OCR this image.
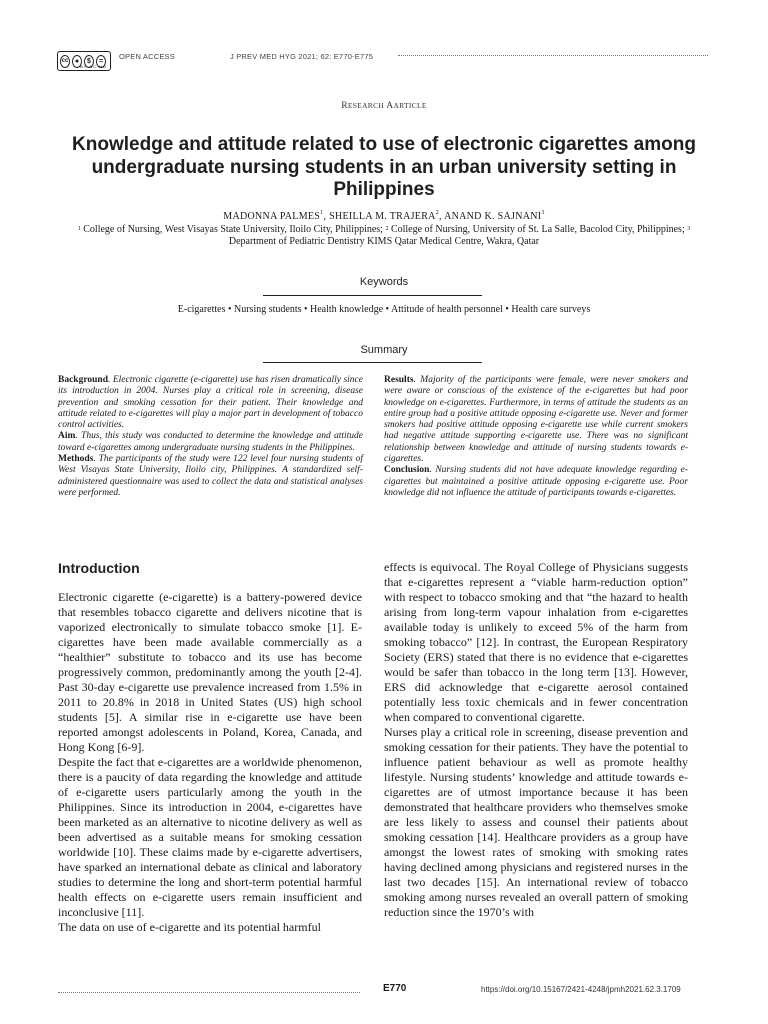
cc ●	$	=
BY NC ND
OPEN ACCESS	J PREV MED HYG 2021; 62: E770-E775
RESEARCH AARTICLE
Knowledge and attitude related to use of electronic cigarettes among undergraduate nursing students in an urban university setting in Philippines
MADONNA PALMES$^1$, SHEILLA M. TRAJERA$^2$, ANAND K. SAJNANI$^3$
$^1$ College of Nursing, West Visayas State University, Iloilo City, Philippines; $^2$ College of Nursing, University of St. La Salle, Bacolod City, Philippines; $^3$ Department of Pediatric Dentistry KIMS Qatar Medical Centre, Wakra, Qatar
Keywords
E-cigarettes • Nursing students • Health knowledge • Attitude of health personnel • Health care surveys
Summary
Background. Electronic cigarette (e-cigarette) use has risen dramatically since its introduction in 2004. Nurses play a critical role in screening, disease prevention and smoking cessation for their patient. Their knowledge and attitude related to e-cigarettes will play a major part in development of tobacco control activities.
Aim. Thus, this study was conducted to determine the knowledge and attitude toward e-cigarettes among undergraduate nursing students in the Philippines.
Methods. The participants of the study were 122 level four nursing students of West Visayas State University, Iloilo city, Philippines. A standardized self-administered questionnaire was used to collect the data and statistical analyses were performed.
Results. Majority of the participants were female, were never smokers and were aware or conscious of the existence of the e-cigarettes but had poor knowledge on e-cigarettes. Furthermore, in terms of attitude the students as an entire group had a positive attitude opposing e-cigarette use. Never and former smokers had positive attitude opposing e-cigarette use while current smokers had negative attitude supporting e-cigarette use. There was no significant relationship between knowledge and attitude of nursing students towards e-cigarettes.
Conclusion. Nursing students did not have adequate knowledge regarding e-cigarettes but maintained a positive attitude opposing e-cigarette use. Poor knowledge did not influence the attitude of participants towards e-cigarettes.
Introduction
Electronic cigarette (e-cigarette) is a battery-powered device that resembles tobacco cigarette and delivers nicotine that is vaporized electronically to simulate tobacco smoke [1]. E-cigarettes have been made available commercially as a “healthier” substitute to tobacco and its use has become progressively common, predominantly among the youth [2-4]. Past 30-day e-cigarette use prevalence increased from 1.5% in 2011 to 20.8% in 2018 in United States (US) high school students [5]. A similar rise in e-cigarette use have been reported amongst adolescents in Poland, Korea, Canada, and Hong Kong [6-9].
Despite the fact that e-cigarettes are a worldwide phenomenon, there is a paucity of data regarding the knowledge and attitude of e-cigarette users particularly among the youth in the Philippines. Since its introduction in 2004, e-cigarettes have been marketed as an alternative to nicotine delivery as well as been advertised as a suitable means for smoking cessation worldwide [10]. These claims made by e-cigarette advertisers, have sparked an international debate as clinical and laboratory studies to determine the long and short-term potential harmful health effects on e-cigarette users remain insufficient and inconclusive [11].
The data on use of e-cigarette and its potential harmful
effects is equivocal. The Royal College of Physicians suggests that e-cigarettes represent a “viable harm-reduction option” with respect to tobacco smoking and that “the hazard to health arising from long-term vapour inhalation from e-cigarettes available today is unlikely to exceed 5% of the harm from smoking tobacco” [12]. In contrast, the European Respiratory Society (ERS) stated that there is no evidence that e-cigarettes would be safer than tobacco in the long term [13]. However, ERS did acknowledge that e-cigarette aerosol contained potentially less toxic chemicals and in fewer concentration when compared to conventional cigarette.
Nurses play a critical role in screening, disease prevention and smoking cessation for their patients. They have the potential to influence patient behaviour as well as promote healthy lifestyle. Nursing students’ knowledge and attitude towards e-cigarettes are of utmost importance because it has been demonstrated that healthcare providers who themselves smoke are less likely to assess and counsel their patients about smoking cessation [14]. Healthcare providers as a group have amongst the lowest rates of smoking with smoking rates having declined among physicians and registered nurses in the last two decades [15]. An international review of tobacco smoking among nurses revealed an overall pattern of smoking reduction since the 1970’s with
E770	https://doi.org/10.15167/2421-4248/jpmh2021.62.3.1709
